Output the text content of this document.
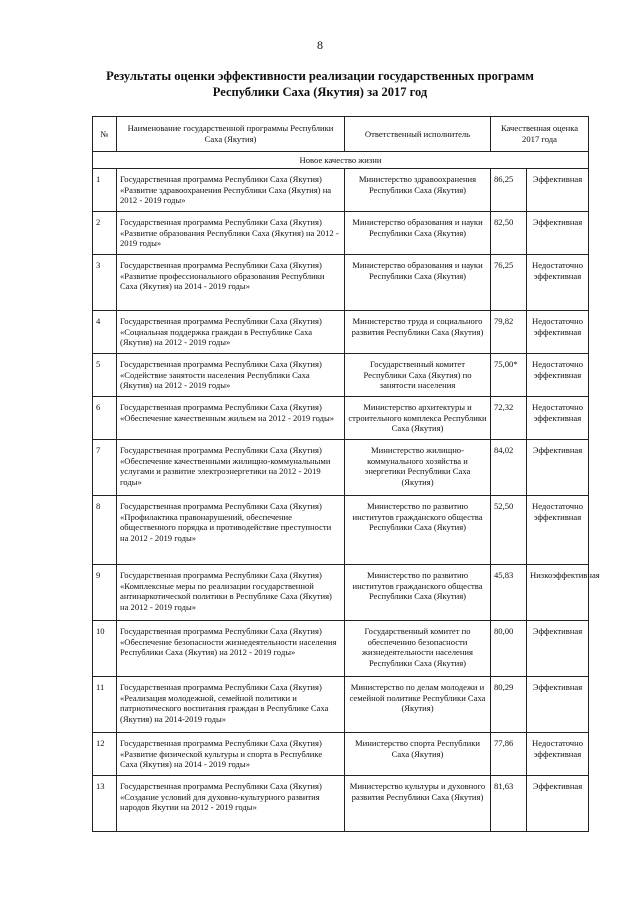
8
Результаты оценки эффективности реализации государственных программ
Республики Саха (Якутия) за 2017 год
№	Наименование государственной программы Республики Саха (Якутия)	Ответственный исполнитель	Качественная оценка 2017 года	
Новое качество жизни				

1	Государственная программа Республики Саха (Якутия) «Развитие здравоохранения Республики Саха (Якутия) на 2012 - 2019 годы»	Министерство здравоохранения Республики Саха (Якутия)	86,25	Эффективная

2	Государственная программа Республики Саха (Якутия) «Развитие образования Республики Саха (Якутия) на 2012 - 2019 годы»	Министерство образования и науки Республики Саха (Якутия)	82,50	Эффективная

3	Государственная программа Республики Саха (Якутия) «Развитие профессионального образования Республики Саха (Якутия) на 2014 - 2019 годы»	Министерство образования и науки Республики Саха (Якутия)	76,25	Недостаточно эффективная

4	Государственная программа Республики Саха (Якутия) «Социальная поддержка граждан в Республике Саха (Якутия) на 2012 - 2019 годы»	Министерство труда и социального развития Республики Саха (Якутия)	79,82	Недостаточно эффективная

5	Государственная программа Республики Саха (Якутия) «Содействие занятости населения Республики Саха (Якутия) на 2012 - 2019 годы»	Государственный комитет Республики Саха (Якутия) по занятости населения	75,00*	Недостаточно эффективная

6	Государственная программа Республики Саха (Якутия) «Обеспечение качественным жильем на 2012 - 2019 годы»	Министерство архитектуры и строительного комплекса Республики Саха (Якутия)	72,32	Недостаточно эффективная

7	Государственная программа Республики Саха (Якутия) «Обеспечение качественными жилищно-коммунальными услугами и развитие электроэнергетики на 2012 - 2019 годы»	Министерство жилищно-коммунального хозяйства и энергетики Республики Саха (Якутия)	84,02	Эффективная

8	Государственная программа Республики Саха (Якутия) «Профилактика правонарушений, обеспечение общественного порядка и противодействие преступности на 2012 - 2019 годы»	Министерство по развитию институтов гражданского общества Республики Саха (Якутия)	52,50	Недостаточно эффективная

9	Государственная программа Республики Саха (Якутия) «Комплексные меры по реализации государственной антинаркотической политики в Республике Саха (Якутия) на 2012 - 2019 годы»	Министерство по развитию институтов гражданского общества Республики Саха (Якутия)	45,83	Низкоэффективная

10	Государственная программа Республики Саха (Якутия) «Обеспечение безопасности жизнедеятельности населения Республики Саха (Якутия) на 2012 - 2019 годы»	Государственный комитет по обеспечению безопасности жизнедеятельности населения Республики Саха (Якутия)	80,00	Эффективная

11	Государственная программа Республики Саха (Якутия) «Реализация молодежной, семейной политики и патриотического воспитания граждан в Республике Саха (Якутия) на 2014-2019 годы»	Министерство по делам молодежи и семейной политике Республики Саха (Якутия)	80,29	Эффективная

12	Государственная программа Республики Саха (Якутия) «Развитие физической культуры и спорта в Республике Саха (Якутия) на 2014 - 2019 годы»	Министерство спорта Республики Саха (Якутия)	77,86	Недостаточно эффективная

13	Государственная программа Республики Саха (Якутия) «Создание условий для духовно-культурного развития народов Якутии на 2012 - 2019 годы»	Министерство культуры и духовного развития Республики Саха (Якутия)	81,63	Эффективная
